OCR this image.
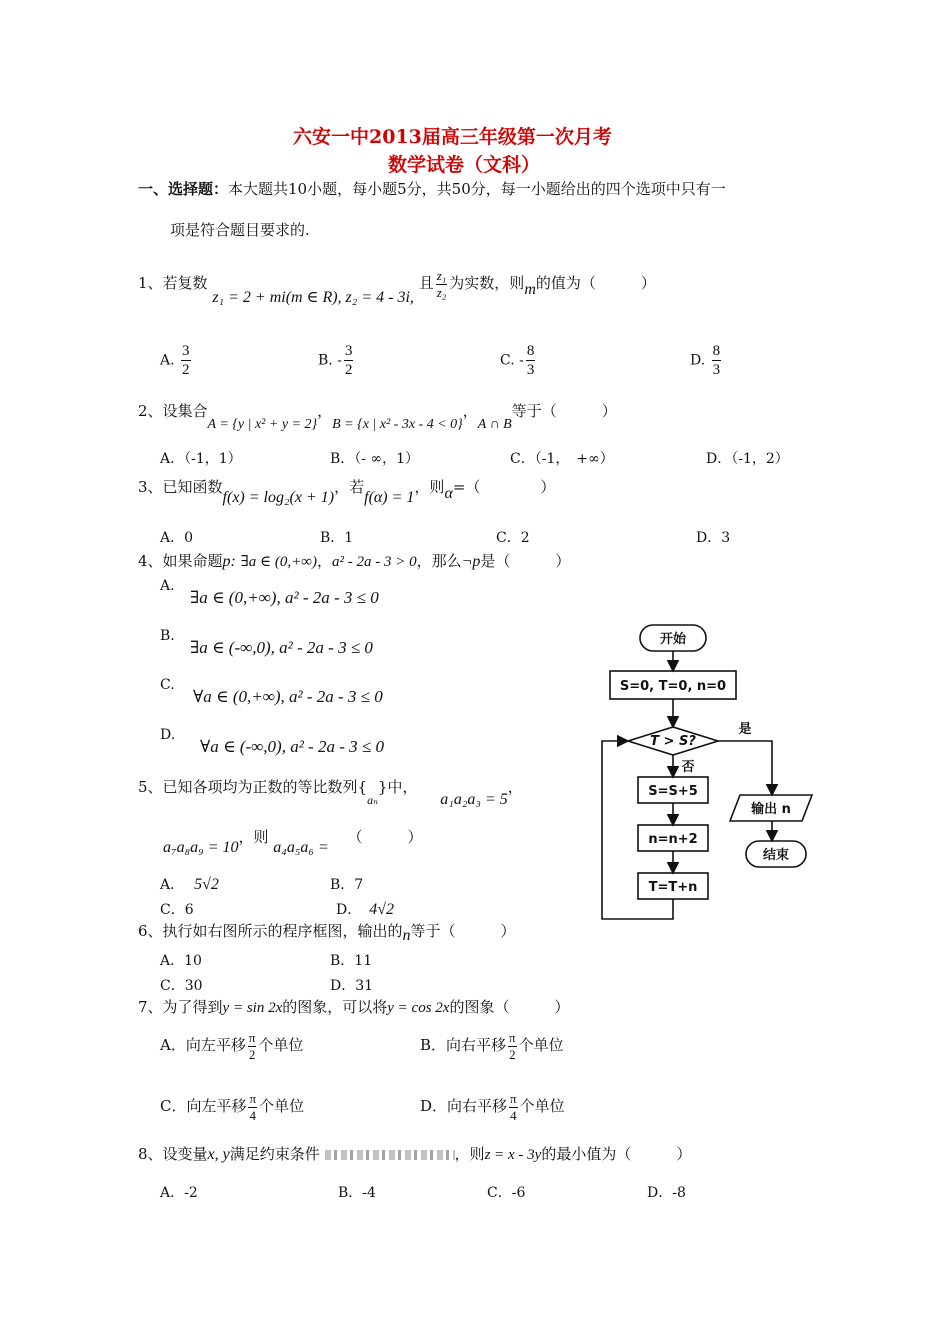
六安一中2013届高三年级第一次月考
数学试卷（文科）
一、选择题：本大题共10小题，每小题5分，共50分，每一小题给出的四个选项中只有一
项是符合题目要求的.
1、若复数 z₁ = 2 + mi(m ∈ R), z₂ = 4 - 3i, 且 $\frac{\text{z₁}}{\text{z₂}}$ 为实数，则m的值为（　　　）
A. $\frac{3}{2}$	B. - $\frac{3}{2}$	C. - $\frac{8}{3}$	D. $\frac{8}{3}$
2、设集合A = {y | x² + y = 2}，B = {x | x² - 3x - 4 < 0}，A ∩ B等于（　　　）
A．（-1，1）	B．（- ∞，1）	C．（-1，　+∞）	D．（-1，2）
3、已知函数f(x) = log₂(x + 1)，若f(α) = 1，则α=（　　　　）
A．0	B．1	C．2	D．3
4、如果命题p: ∃a ∈ (0,+∞)，a² - 2a - 3 > 0，那么¬p是（　　　）
A.
∃a ∈ (0,+∞), a² - 2a - 3 ≤ 0
B.
∃a ∈ (-∞,0), a² - 2a - 3 ≤ 0
C.
∀a ∈ (0,+∞), a² - 2a - 3 ≤ 0
D.
∀a ∈ (-∞,0), a² - 2a - 3 ≤ 0
5、已知各项均为正数的等比数列$\{_{a_n}\}$中， a₁a₂a₃ = 5，
a₇a₈a₉ = 10，则 a₄a₅a₆ = （　　　）
A． 5√2	B．7
C．6	D． 4√2
6、执行如右图所示的程序框图，输出的n等于（　　　）
A．10	B．11
C．30	D．31
7、为了得到y = sin 2x的图象，可以将y = cos 2x的图象（　　　）
A．向左平移 $\frac{\pi}{2}$ 个单位	B．向右平移 $\frac{\pi}{2}$ 个单位
C．向左平移 $\frac{\pi}{4}$ 个单位	D．向右平移 $\frac{\pi}{4}$ 个单位
8、设变量x, y满足约束条件	，则z = x - 3y的最小值为（　　　）
A．-2	B．-4	C．-6	D．-8
开始
S=0, T=0, n=0
T > S?
是
否
S=S+5
n=n+2
T=T+n
输出 n
结束
